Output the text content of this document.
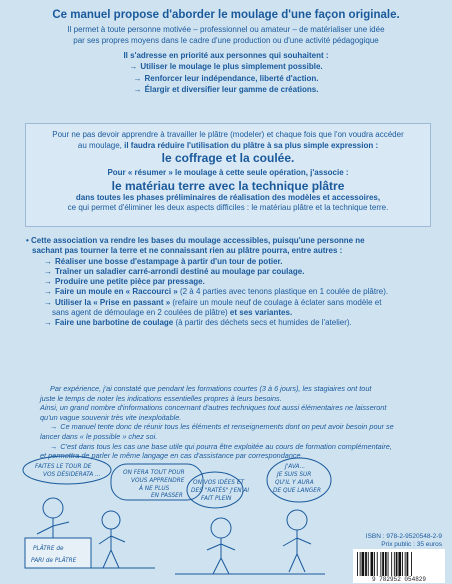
Ce manuel propose d'aborder le moulage d'une façon originale.

Il permet à toute personne motivée – professionnel ou amateur – de matérialiser une idée

par ses propres moyens dans le cadre d'une production ou d'une activité pédagogique

Il s'adresse en priorité aux personnes qui souhaitent :

→ Utiliser le moulage le plus simplement possible.

→ Renforcer leur indépendance, liberté d'action.

→ Élargir et diversifier leur gamme de créations.

Pour ne pas devoir apprendre à travailler le plâtre (modeler) et chaque fois que l'on voudra accéder

au moulage, il faudra réduire l'utilisation du plâtre à sa plus simple expression :

le coffrage et la coulée.

Pour « résumer » le moulage à cette seule opération, j'associe :

le matériau terre avec la technique plâtre

dans toutes les phases préliminaires de réalisation des modèles et accessoires,

ce qui permet d'éliminer les deux aspects difficiles : le matériau plâtre et la technique terre.

• Cette association va rendre les bases du moulage accessibles, puisqu'une personne ne

sachant pas tourner la terre et ne connaissant rien au plâtre pourra, entre autres :

→ Réaliser une bosse d'estampage à partir d'un tour de potier.

→ Traîner un saladier carré-arrondi destiné au moulage par coulage.

→ Produire une petite pièce par pressage.

→ Faire un moule en « Raccourci » (2 à 4 parties avec tenons plastique en 1 coulée de plâtre).

→ Utiliser la « Prise en passant » (refaire un moule neuf de coulage à éclater sans modèle et

sans agent de démoulage en 2 coulées de plâtre) et ses variantes.

→ Faire une barbotine de coulage (à partir des déchets secs et humides de l'atelier).

Par expérience, j'ai constaté que pendant les formations courtes (3 à 6 jours), les stagiaires ont tout

juste le temps de noter les indications essentielles propres à leurs besoins.

Ainsi, un grand nombre d'informations concernant d'autres techniques tout aussi élémentaires ne laisseront

qu'un vague souvenir très vite inexploitable.

→ Ce manuel tente donc de réunir tous les éléments et renseignements dont on peut avoir besoin pour se

lancer dans « le possible » chez soi.

→ C'est dans tous les cas une base utile qui pourra être exploitée au cours de formation complémentaire,

et permettra de parler le même langage en cas d'assistance par correspondance.

FAITES LE TOUR DE
VOS DÉSIDERATA ...	ON FERA TOUT POUR
VOUS APPRENDRE
À NE PLUS
EN PASSER
ON VOS IDÉES ET
DES "RATÉS" J'EN AI
FAIT PLEIN
J'AVA...
JE SUIS SUR
QU'IL Y AURA
DE QUE LANGER
PLÂTRE de
PARI de PLÂTRE
ISBN : 978-2-9520548-2-9
Prix public : 35 euros
9 782952 054829
